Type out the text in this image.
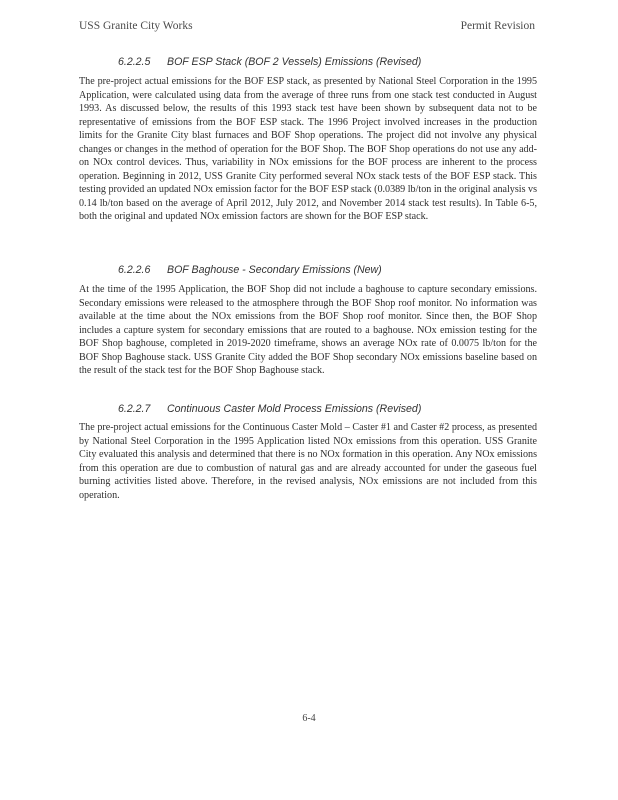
USS Granite City Works	Permit Revision
6.2.2.5 BOF ESP Stack (BOF 2 Vessels) Emissions (Revised)

The pre-project actual emissions for the BOF ESP stack, as presented by National Steel Corporation in the 1995 Application, were calculated using data from the average of three runs from one stack test conducted in August 1993. As discussed below, the results of this 1993 stack test have been shown by subsequent data not to be representative of emissions from the BOF ESP stack. The 1996 Project involved increases in the production limits for the Granite City blast furnaces and BOF Shop operations. The project did not involve any physical changes or changes in the method of operation for the BOF Shop. The BOF Shop operations do not use any add-on NOx control devices. Thus, variability in NOx emissions for the BOF process are inherent to the process operation. Beginning in 2012, USS Granite City performed several NOx stack tests of the BOF ESP stack. This testing provided an updated NOx emission factor for the BOF ESP stack (0.0389 lb/ton in the original analysis vs 0.14 lb/ton based on the average of April 2012, July 2012, and November 2014 stack test results). In Table 6-5, both the original and updated NOx emission factors are shown for the BOF ESP stack.

6.2.2.6 BOF Baghouse - Secondary Emissions (New)

At the time of the 1995 Application, the BOF Shop did not include a baghouse to capture secondary emissions. Secondary emissions were released to the atmosphere through the BOF Shop roof monitor. No information was available at the time about the NOx emissions from the BOF Shop roof monitor. Since then, the BOF Shop includes a capture system for secondary emissions that are routed to a baghouse. NOx emission testing for the BOF Shop baghouse, completed in 2019-2020 timeframe, shows an average NOx rate of 0.0075 lb/ton for the BOF Shop Baghouse stack. USS Granite City added the BOF Shop secondary NOx emissions baseline based on the result of the stack test for the BOF Shop Baghouse stack.

6.2.2.7 Continuous Caster Mold Process Emissions (Revised)

The pre-project actual emissions for the Continuous Caster Mold – Caster #1 and Caster #2 process, as presented by National Steel Corporation in the 1995 Application listed NOx emissions from this operation. USS Granite City evaluated this analysis and determined that there is no NOx formation in this operation. Any NOx emissions from this operation are due to combustion of natural gas and are already accounted for under the gaseous fuel burning activities listed above. Therefore, in the revised analysis, NOx emissions are not included from this operation.

6-4
